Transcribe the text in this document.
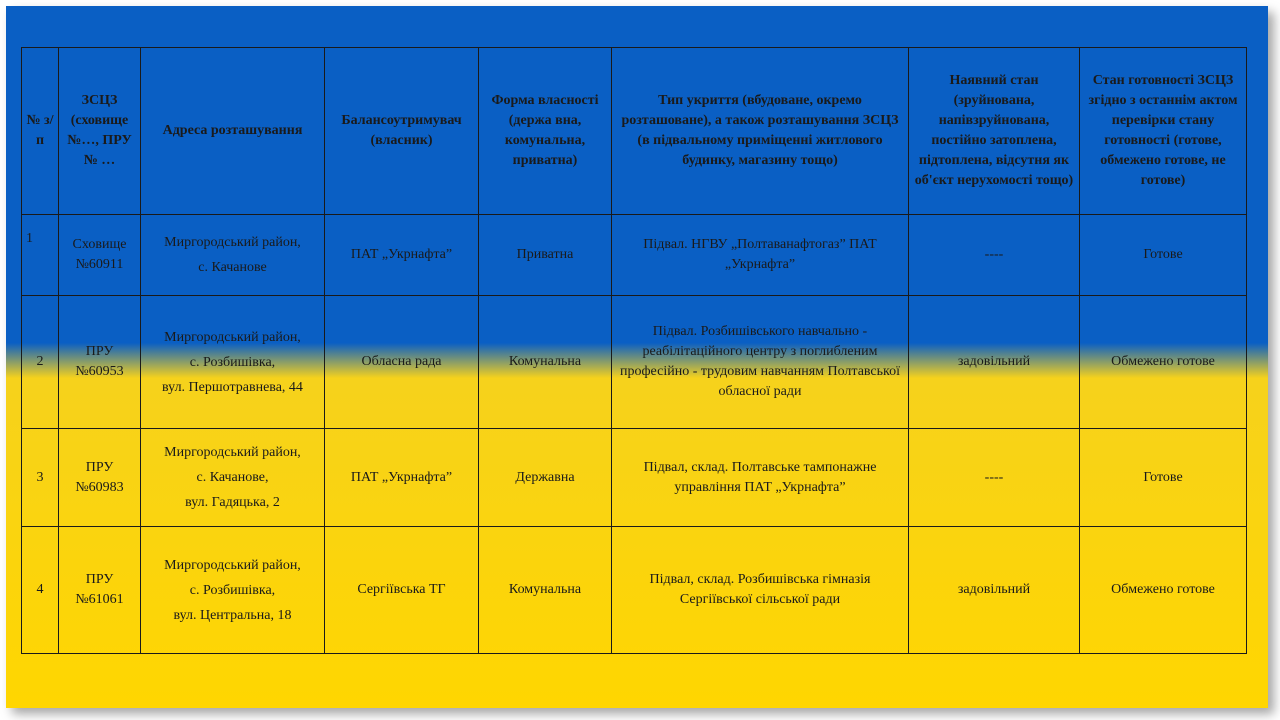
№ з/п	ЗСЦЗ (сховище №…, ПРУ № …	Адреса розташування	Балансоутримувач (власник)	Форма власності (держа вна, комунальна, приватна)	Тип укриття (вбудоване, окремо розташоване), а також розташування ЗСЦЗ (в підвальному приміщенні житлового будинку, магазину тощо)	Наявний стан (зруйнована, напівзруйнована, постійно затоплена, підтоплена, відсутня як об'єкт нерухомості тощо)	Стан готовності ЗСЦЗ згідно з останнім актом перевірки стану готовності (готове, обмежено готове, не готове)
1	Сховище №60911	Миргородський район,
с. Качанове	ПАТ „Укрнафта”	Приватна	Підвал. НГВУ „Полтаванафтогаз” ПАТ „Укрнафта”	----	Готове
2	ПРУ №60953	Миргородський район,
с. Розбишівка,
вул. Першотравнева, 44	Обласна рада	Комунальна	Підвал. Розбишівського навчально - реабілітаційного центру з поглибленим професійно - трудовим навчанням Полтавської обласної ради	задовільний	Обмежено готове
3	ПРУ №60983	Миргородський район,
с. Качанове,
вул. Гадяцька, 2	ПАТ „Укрнафта”	Державна	Підвал, склад. Полтавське тампонажне управління ПАТ „Укрнафта”	----	Готове
4	ПРУ №61061	Миргородський район,
с. Розбишівка,
вул. Центральна, 18	Сергіївська ТГ	Комунальна	Підвал, склад. Розбишівська гімназія Сергіївської сільської ради	задовільний	Обмежено готове
